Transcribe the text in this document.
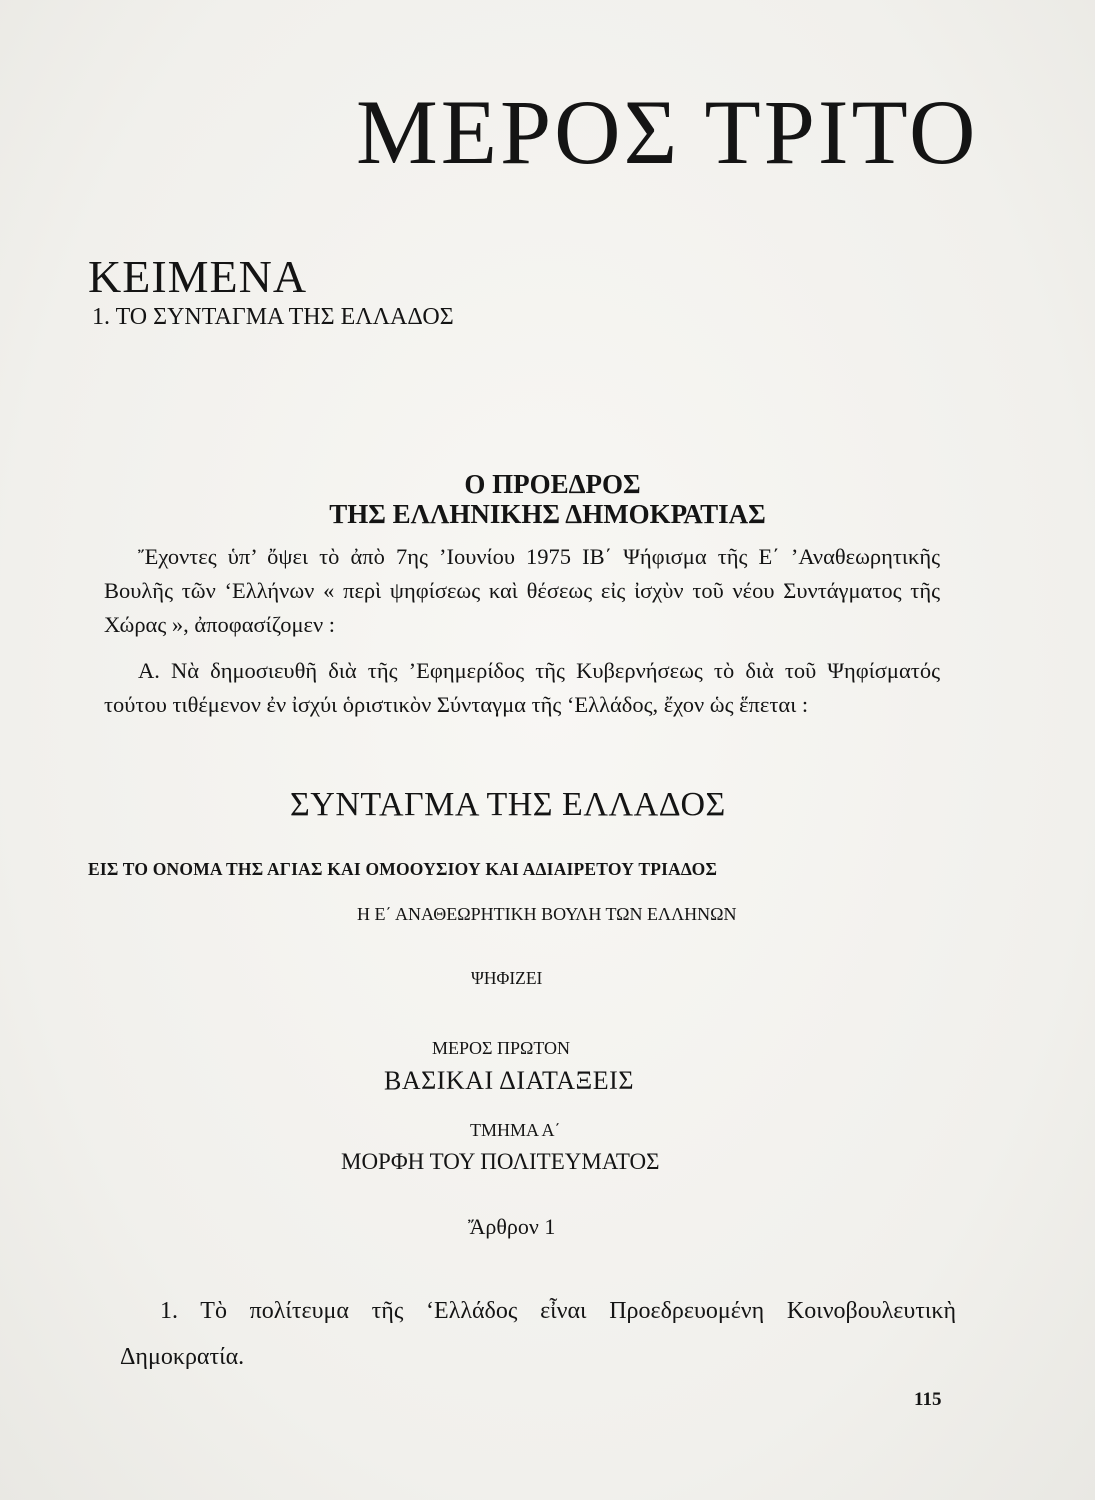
ΜΕΡΟΣ ΤΡΙΤΟ
ΚΕΙΜΕΝΑ
1. ΤΟ ΣΥΝΤΑΓΜΑ ΤΗΣ ΕΛΛΑΔΟΣ
Ο ΠΡΟΕΔΡΟΣ
ΤΗΣ ΕΛΛΗΝΙΚΗΣ ΔΗΜΟΚΡΑΤΙΑΣ
Ἔχοντες ὑπ’ ὄψει τὸ ἀπὸ 7ης ’Ιουνίου 1975 ΙΒ΄ Ψήφισμα τῆς Ε΄ ’Αναθεωρητικῆς Βουλῆς τῶν ‘Ελλήνων « περὶ ψηφίσεως καὶ θέσεως εἰς ἰσχὺν τοῦ νέου Συντάγματος τῆς Χώρας », ἀποφασίζομεν :
Α. Νὰ δημοσιευθῆ διὰ τῆς ’Εφημερίδος τῆς Κυβερνήσεως τὸ διὰ τοῦ Ψηφίσματός τούτου τιθέμενον ἐν ἰσχύι ὁριστικὸν Σύνταγμα τῆς ‘Ελλάδος, ἔχον ὡς ἕπεται :
ΣΥΝΤΑΓΜΑ ΤΗΣ ΕΛΛΑΔΟΣ
ΕΙΣ ΤΟ ΟΝΟΜΑ ΤΗΣ ΑΓΙΑΣ ΚΑΙ ΟΜΟΟΥΣΙΟΥ ΚΑΙ ΑΔΙΑΙΡΕΤΟΥ ΤΡΙΑΔΟΣ
Η Ε΄ ΑΝΑΘΕΩΡΗΤΙΚΗ ΒΟΥΛΗ ΤΩΝ ΕΛΛΗΝΩΝ
ΨΗΦΙΖΕΙ
ΜΕΡΟΣ ΠΡΩΤΟΝ
ΒΑΣΙΚΑΙ ΔΙΑΤΑΞΕΙΣ
ΤΜΗΜΑ Α΄
ΜΟΡΦΗ ΤΟΥ ΠΟΛΙΤΕΥΜΑΤΟΣ
Ἄρθρον 1
1. Τὸ πολίτευμα τῆς ‘Ελλάδος εἶναι Προεδρευομένη Κοινοβουλευτικὴ Δημοκρατία.
115
